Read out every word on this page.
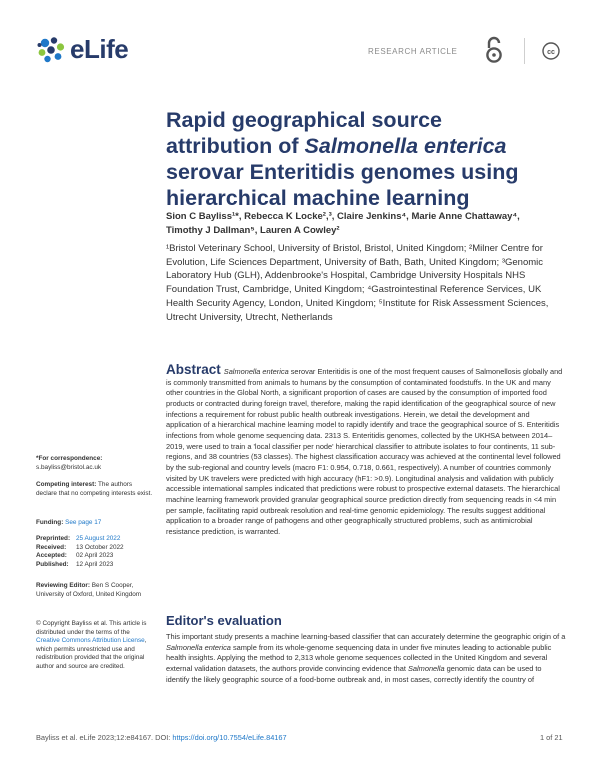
eLife	RESEARCH ARTICLE	cc
Rapid geographical source attribution of Salmonella enterica serovar Enteritidis genomes using hierarchical machine learning
Sion C Bayliss¹*, Rebecca K Locke²,³, Claire Jenkins⁴, Marie Anne Chattaway⁴, Timothy J Dallman⁵, Lauren A Cowley²
¹Bristol Veterinary School, University of Bristol, Bristol, United Kingdom; ²Milner Centre for Evolution, Life Sciences Department, University of Bath, Bath, United Kingdom; ³Genomic Laboratory Hub (GLH), Addenbrooke's Hospital, Cambridge University Hospitals NHS Foundation Trust, Cambridge, United Kingdom; ⁴Gastrointestinal Reference Services, UK Health Security Agency, London, United Kingdom; ⁵Institute for Risk Assessment Sciences, Utrecht University, Utrecht, Netherlands
Abstract Salmonella enterica serovar Enteritidis is one of the most frequent causes of Salmonellosis globally and is commonly transmitted from animals to humans by the consumption of contaminated foodstuffs. In the UK and many other countries in the Global North, a significant proportion of cases are caused by the consumption of imported food products or contracted during foreign travel, therefore, making the rapid identification of the geographical source of new infections a requirement for robust public health outbreak investigations. Herein, we detail the development and application of a hierarchical machine learning model to rapidly identify and trace the geographical source of S. Enteritidis infections from whole genome sequencing data. 2313 S. Enteritidis genomes, collected by the UKHSA between 2014–2019, were used to train a 'local classifier per node' hierarchical classifier to attribute isolates to four continents, 11 sub-regions, and 38 countries (53 classes). The highest classification accuracy was achieved at the continental level followed by the sub-regional and country levels (macro F1: 0.954, 0.718, 0.661, respectively). A number of countries commonly visited by UK travelers were predicted with high accuracy (hF1: >0.9). Longitudinal analysis and validation with publicly accessible international samples indicated that predictions were robust to prospective external datasets. The hierarchical machine learning framework provided granular geographical source prediction directly from sequencing reads in <4 min per sample, facilitating rapid outbreak resolution and real-time genomic epidemiology. The results suggest additional application to a broader range of pathogens and other geographically structured problems, such as antimicrobial resistance prediction, is warranted.
Editor's evaluation
This important study presents a machine learning-based classifier that can accurately determine the geographic origin of a Salmonella enterica sample from its whole-genome sequencing data in under five minutes leading to actionable public health insights. Applying the method to 2,313 whole genome sequences collected in the United Kingdom and several external validation datasets, the authors provide convincing evidence that Salmonella genomic data can be used to identify the likely geographic source of a food-borne outbreak and, in most cases, correctly identify the country of
*For correspondence:
s.bayliss@bristol.ac.uk
Competing interest: The authors declare that no competing interests exist.
Funding: See page 17
Preprinted: 25 August 2022
Received:	13 October 2022
Accepted:	02 April 2023
Published:	12 April 2023
Reviewing Editor: Ben S Cooper, University of Oxford, United Kingdom
© Copyright Bayliss et al. This article is distributed under the terms of the Creative Commons Attribution License, which permits unrestricted use and redistribution provided that the original author and source are credited.
Bayliss et al. eLife 2023;12:e84167. DOI: https://doi.org/10.7554/eLife.84167	1 of 21
